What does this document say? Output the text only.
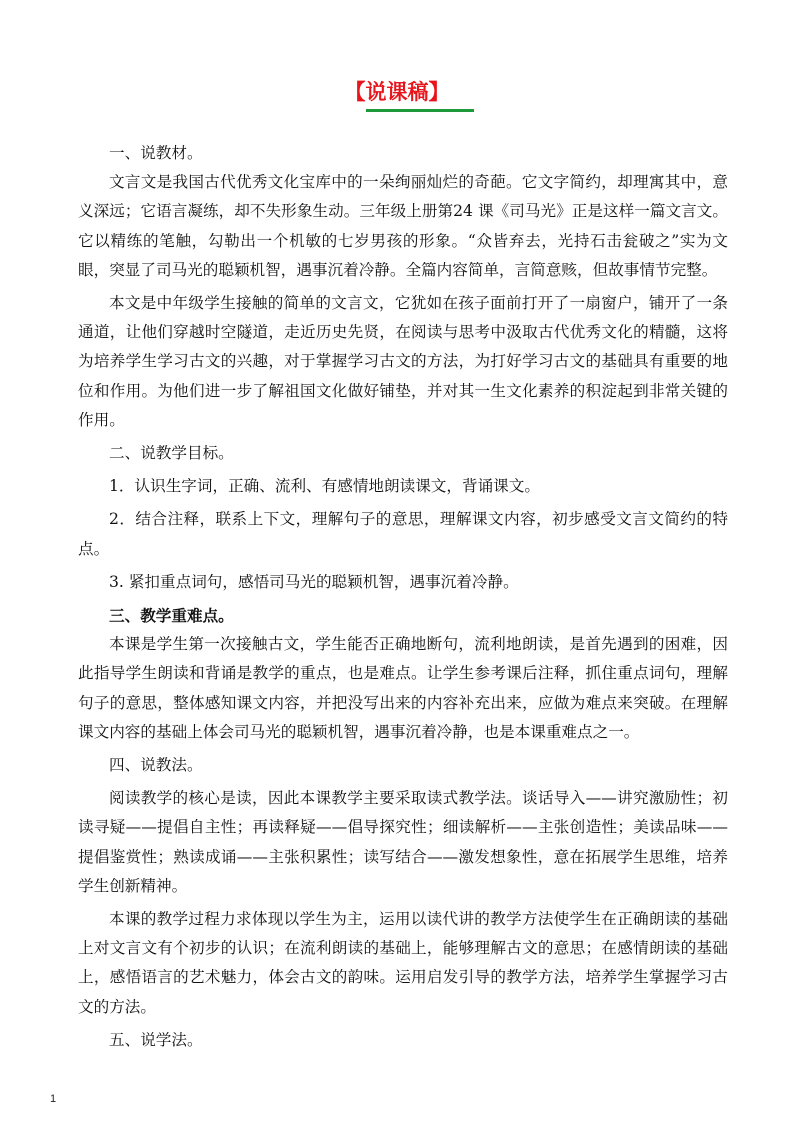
【说课稿】

一、说教材。

文言文是我国古代优秀文化宝库中的一朵绚丽灿烂的奇葩。它文字简约，却理寓其中，意义深远；它语言凝练，却不失形象生动。三年级上册第24 课《司马光》正是这样一篇文言文。它以精练的笔触，勾勒出一个机敏的七岁男孩的形象。“众皆弃去，光持石击瓮破之”实为文眼，突显了司马光的聪颖机智，遇事沉着冷静。全篇内容简单，言简意赅，但故事情节完整。

本文是中年级学生接触的简单的文言文，它犹如在孩子面前打开了一扇窗户，铺开了一条通道，让他们穿越时空隧道，走近历史先贤，在阅读与思考中汲取古代优秀文化的精髓，这将为培养学生学习古文的兴趣，对于掌握学习古文的方法，为打好学习古文的基础具有重要的地位和作用。为他们进一步了解祖国文化做好铺垫，并对其一生文化素养的积淀起到非常关键的作用。

二、说教学目标。

1．认识生字词，正确、流利、有感情地朗读课文，背诵课文。

2．结合注释，联系上下文，理解句子的意思，理解课文内容，初步感受文言文简约的特点。

3. 紧扣重点词句，感悟司马光的聪颖机智，遇事沉着冷静。

三、教学重难点。

本课是学生第一次接触古文，学生能否正确地断句，流利地朗读，是首先遇到的困难，因此指导学生朗读和背诵是教学的重点，也是难点。让学生参考课后注释，抓住重点词句，理解句子的意思，整体感知课文内容，并把没写出来的内容补充出来，应做为难点来突破。在理解课文内容的基础上体会司马光的聪颖机智，遇事沉着冷静，也是本课重难点之一。

四、说教法。

阅读教学的核心是读，因此本课教学主要采取读式教学法。谈话导入——讲究激励性；初读寻疑——提倡自主性；再读释疑——倡导探究性；细读解析——主张创造性；美读品味——提倡鉴赏性；熟读成诵——主张积累性；读写结合——激发想象性，意在拓展学生思维，培养学生创新精神。

本课的教学过程力求体现以学生为主，运用以读代讲的教学方法使学生在正确朗读的基础上对文言文有个初步的认识；在流利朗读的基础上，能够理解古文的意思；在感情朗读的基础上，感悟语言的艺术魅力，体会古文的韵味。运用启发引导的教学方法，培养学生掌握学习古文的方法。

五、说学法。

1
